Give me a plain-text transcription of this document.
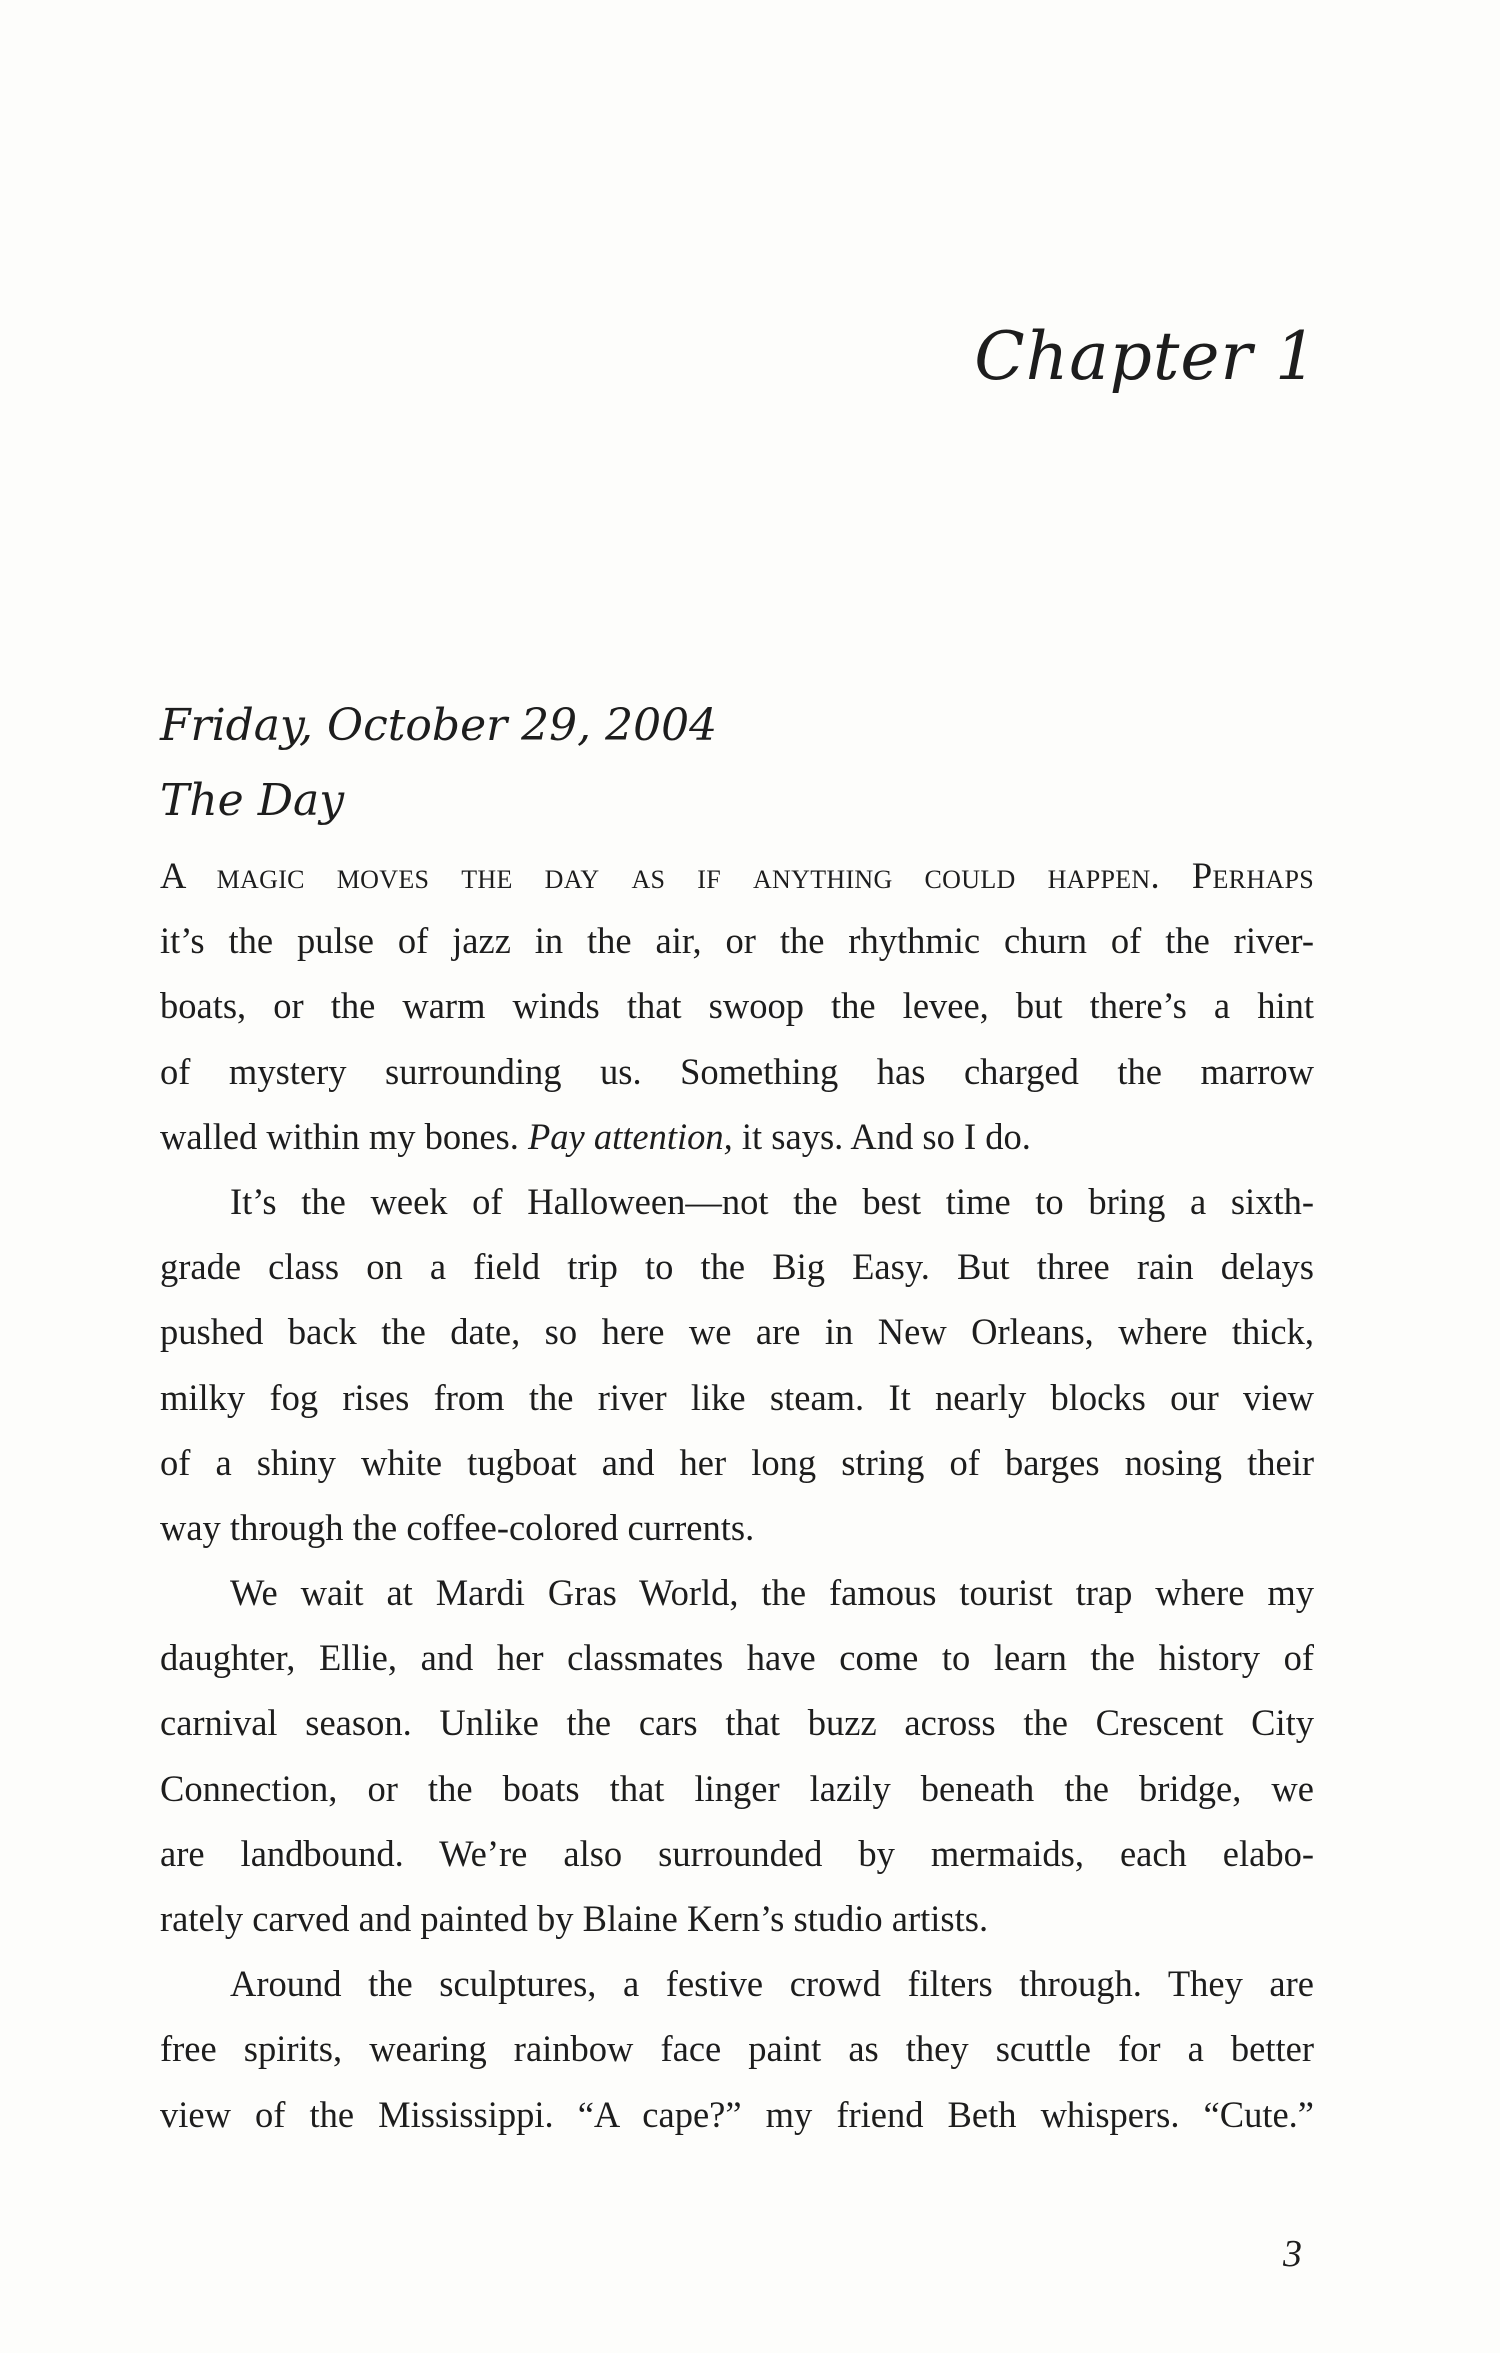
Chapter 1
Friday, October 29, 2004
The Day
A magic moves the day as if anything could happen. Perhaps
it’s the pulse of jazz in the air, or the rhythmic churn of the river-
boats, or the warm winds that swoop the levee, but there’s a hint
of mystery surrounding us. Something has charged the marrow
walled within my bones. Pay attention, it says. And so I do.
It’s the week of Halloween—not the best time to bring a sixth-
grade class on a field trip to the Big Easy. But three rain delays
pushed back the date, so here we are in New Orleans, where thick,
milky fog rises from the river like steam. It nearly blocks our view
of a shiny white tugboat and her long string of barges nosing their
way through the coffee-colored currents.
We wait at Mardi Gras World, the famous tourist trap where my
daughter, Ellie, and her classmates have come to learn the history of
carnival season. Unlike the cars that buzz across the Crescent City
Connection, or the boats that linger lazily beneath the bridge, we
are landbound. We’re also surrounded by mermaids, each elabo-
rately carved and painted by Blaine Kern’s studio artists.
Around the sculptures, a festive crowd filters through. They are
free spirits, wearing rainbow face paint as they scuttle for a better
view of the Mississippi. “A cape?” my friend Beth whispers. “Cute.”
3
